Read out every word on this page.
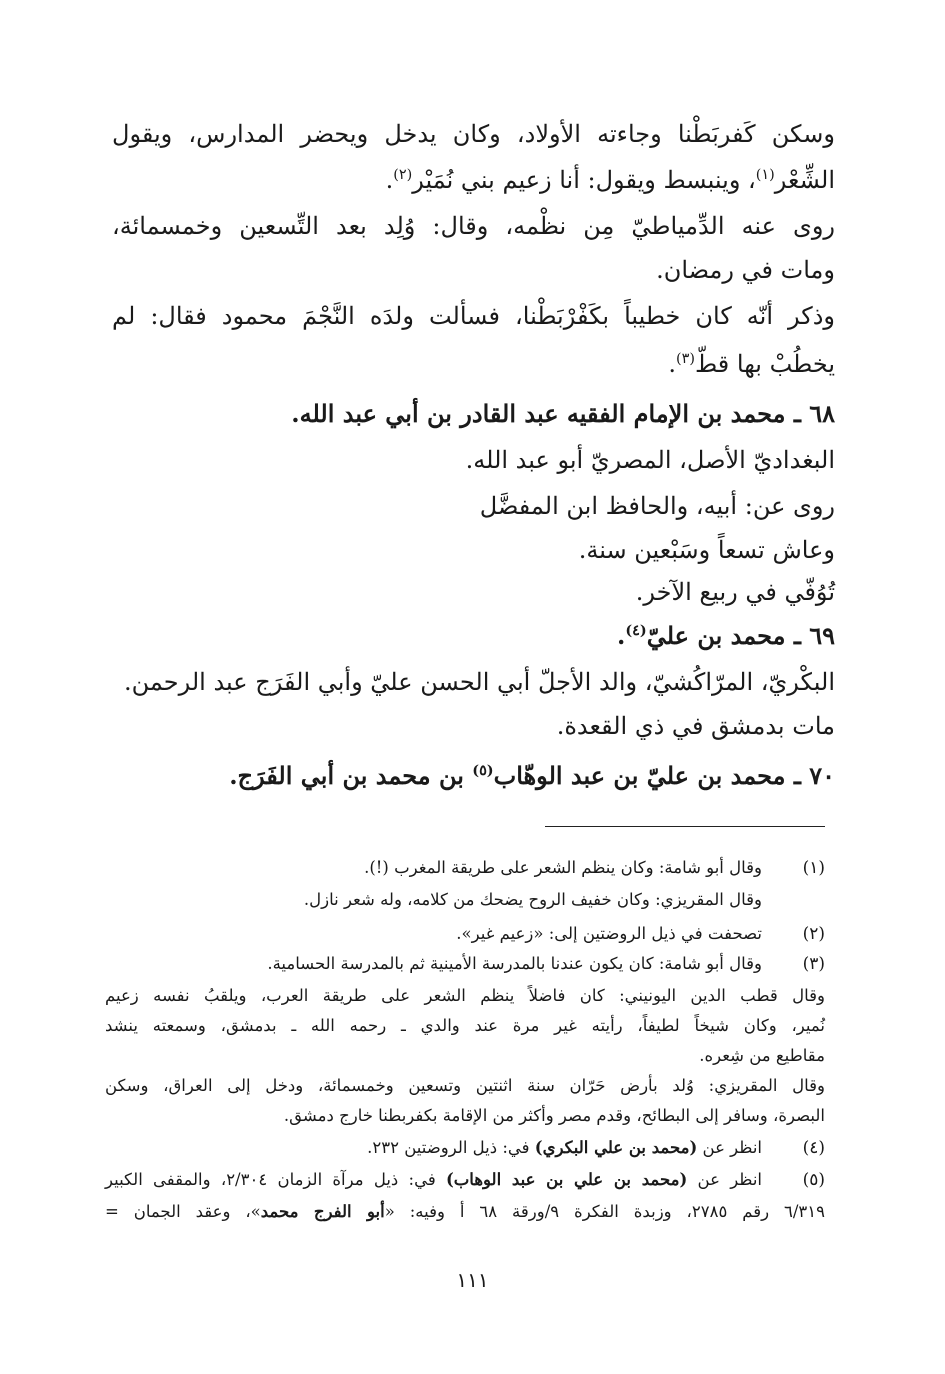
وسكن كَفربَطْنا وجاءته الأولاد، وكان يدخل ويحضر المدارس، ويقول
الشِّعْر$^{(١)}$، وينبسط ويقول: أنا زعيم بني نُمَيْر$^{(٢)}$.
روى عنه الدِّمياطيّ مِن نظْمه، وقال: وُلِد بعد التِّسعين وخمسمائة،
ومات في رمضان.
وذكر أنّه كان خطيباً بكَفْرْبَطْنا، فسألت ولدَه النَّجْمَ محمود فقال: لم
يخطُبْ بها قطّ$^{(٣)}$.
٦٨ ـ محمد بن الإمام الفقيه عبد القادر بن أبي عبد الله.
البغداديّ الأصل، المصريّ أبو عبد الله.
روى عن: أبيه، والحافظ ابن المفضَّل
وعاش تسعاً وسَبْعين سنة.
تُوُفّي في ربيع الآخر.
٦٩ ـ محمد بن عليّ$^{(٤)}$.
البكْريّ، المرّاكُشيّ، والد الأجلّ أبي الحسن عليّ وأبي الفَرَج عبد الرحمن.
مات بدمشق في ذي القعدة.
٧٠ ـ محمد بن عليّ بن عبد الوهّاب$^{(٥)}$ بن محمد بن أبي الفَرَج.
(١)
وقال أبو شامة: وكان ينظم الشعر على طريقة المغرب (!).
وقال المقريزي: وكان خفيف الروح يضحك من كلامه، وله شعر نازل.
(٢)
تصحفت في ذيل الروضتين إلى: «زعيم غير».
(٣)
وقال أبو شامة: كان يكون عندنا بالمدرسة الأمينية ثم بالمدرسة الحسامية.
وقال قطب الدين اليونيني: كان فاضلاً ينظم الشعر على طريقة العرب، ويلقبُ نفسه زعيم
نُمير، وكان شيخاً لطيفاً، رأيته غير مرة عند والدي ـ رحمه الله ـ بدمشق، وسمعته ينشد
مقاطيع من شِعره.
وقال المقريزي: وُلد بأرض حَرّان سنة اثنتين وتسعين وخمسمائة، ودخل إلى العراق، وسكن
البصرة، وسافر إلى البطائح، وقدم مصر وأكثر من الإقامة بكفربطنا خارج دمشق.
(٤)
انظر عن (محمد بن علي البكري) في: ذيل الروضتين ٢٣٢.
(٥)
انظر عن (محمد بن علي بن عبد الوهاب) في: ذيل مرآة الزمان ٢/٣٠٤، والمقفى الكبير
٦/٣١٩ رقم ٢٧٨٥، وزبدة الفكرة ٩/ورقة ٦٨ أ وفيه: «أبو الفرج محمد»، وعقد الجمان =
١١١
